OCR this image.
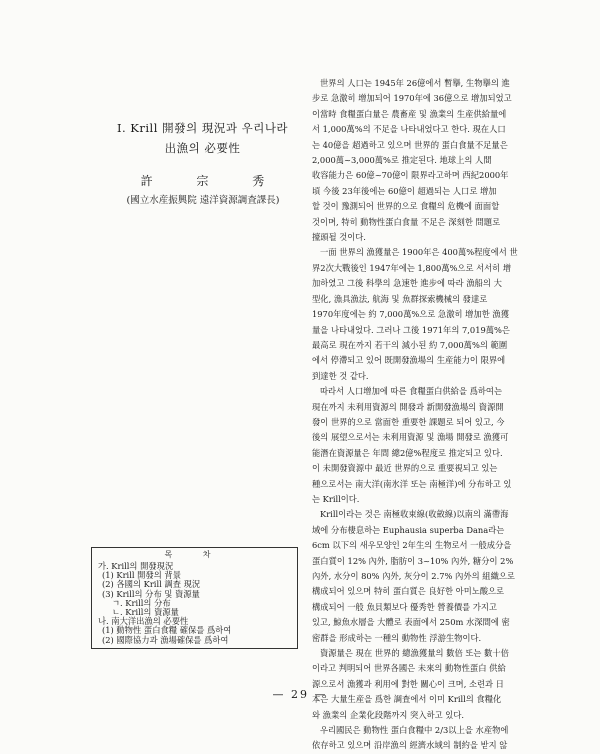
I. Krill 開發의 現況과 우리나라
出漁의 必要性
許 宗 秀
(國立水産振興院 遠洋資源調査課長)
목 차
가. Krill의 開發現況
(1) Krill 開發의 背景
(2) 各國의 Krill 調査 現況
(3) Krill의 分布 및 資源量
ㄱ. Krill의 分布
ㄴ. Krill의 資源量
나. 南大洋出漁의 必要性
(1) 動物性 蛋白食糧 確保를 爲하여
(2) 國際協力과 漁場確保를 爲하여

世界의 人口는 1945年 26億에서 暫擧, 生物擧의 進
步로 急激히 增加되어 1970年에 36億으로 增加되었고
이當時 食糧蛋白量은 農畜産 및 漁業의 生産供給量에
서 1,000萬%의 不足을 나타내었다고 한다. 現在人口
는 40億을 超過하고 있으며 世界的 蛋白食量不足量은
2,000萬~3,000萬%로 推定된다. 地球上의 人間
收容能力은 60億~70億이 限界라고하며 西紀2000年
頃 今後 23年後에는 60億이 超過되는 人口로 增加
할 것이 豫測되어 世界的으로 食糧의 危機에 面面할
것이며, 特히 動物性蛋白食量 不足은 深刻한 問題로
擡頭될 것이다.

一面 世界의 漁獲量은 1900年은 400萬%程度에서 世
界2次大戰後인 1947年에는 1,800萬%으로 서서히 增
加하였고 그後 科學의 急速한 進步에 따라 漁船의 大
型化, 漁具漁法, 航海 및 魚群探索機械의 發達로
1970年度에는 約 7,000萬%으로 急激히 增加한 漁獲
量을 나타내었다. 그러나 그後 1971年의 7,019萬%은
最高로 現在까지 若干의 減小된 約 7,000萬%의 範圍
에서 停滯되고 있어 既開發漁場의 生産能力이 限界에
到達한 것 같다.

따라서 人口增加에 따른 食糧蛋白供給을 爲하여는
現在까지 未利用資源의 開發과 新開發漁場의 資源開
發이 世界的으로 當面한 重要한 課題로 되어 있고, 今
後의 展望으로서는 未利用資源 및 漁場 開發로 漁獲可
能潛在資源量은 年間 總2億%程度로 推定되고 있다.
이 未開發資源中 最近 世界的으로 重要視되고 있는
種으로서는 南大洋(南氷洋 또는 南極洋)에 分布하고 있
는 Krill이다.

Krill이라는 것은 南極收束線(收斂線)以南의 滿帶海
域에 分布棲息하는 Euphausia superba Dana라는
6cm 以下의 새우모양인 2年生의 生物로서 一般成分을
蛋白質이 12% 內外, 脂肪이 3~10% 內外, 糖分이 2%
內外, 水分이 80% 內外, 灰分이 2.7% 內外의 組織으로
構成되어 있으며 特히 蛋白質은 良好한 아미노酸으로
構成되어 一般 魚貝類보다 優秀한 營養價를 가지고
있고, 鯨魚水層을 大體로 表面에서 250m 水深間에 密
密群을 形成하는 一種의 動物性 浮游生物이다.

資源量은 現在 世界的 總漁獲量의 數倍 또는 數十倍
이라고 判明되어 世界各國은 未來의 動物性蛋白 供給
源으로서 漁獲과 利用에 對한 關心이 크며, 소련과 日
本은 大量生産을 爲한 調査에서 이미 Krill의 食糧化
와 漁業의 企業化段階까지 突入하고 있다.

우리國民은 動物性 蛋白食糧中 2/3以上을 水産物에
依存하고 있으며 沿岸漁의 經濟水域의 制約을 받지 않

— 29 —
